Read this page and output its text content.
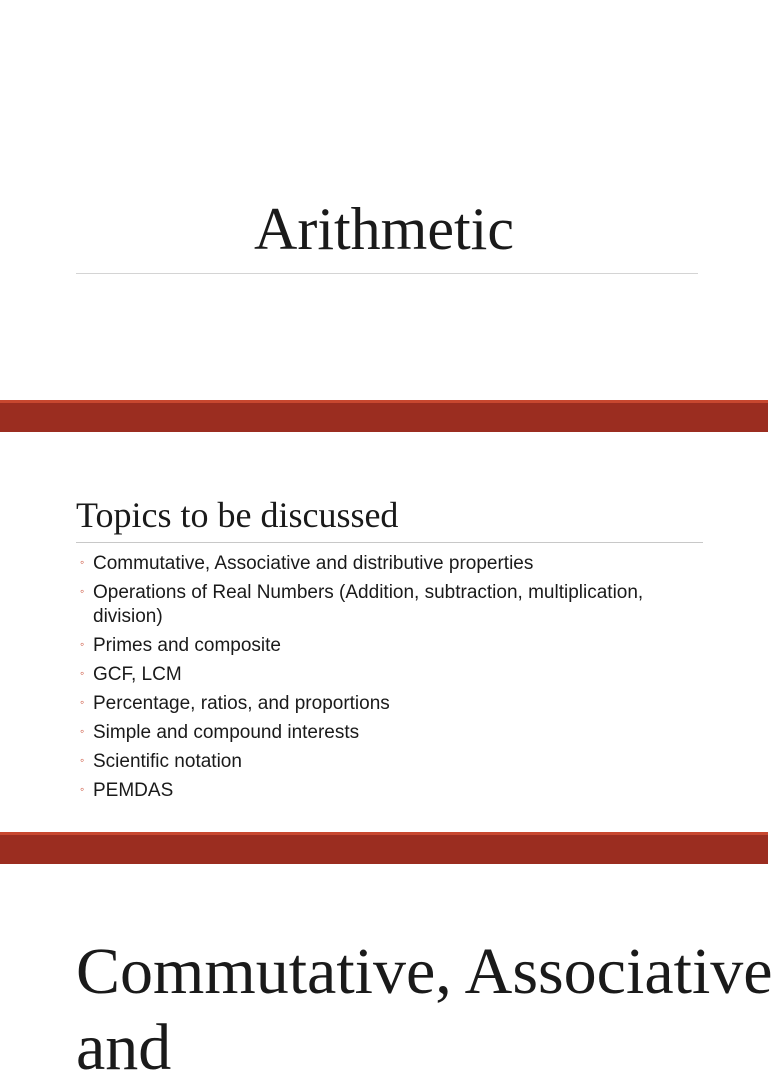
Arithmetic
Topics to be discussed
◦ Commutative, Associative and distributive properties
◦ Operations of Real Numbers (Addition, subtraction, multiplication, division)
◦ Primes and composite
◦ GCF, LCM
◦ Percentage, ratios, and proportions
◦ Simple and compound interests
◦ Scientific notation
◦ PEMDAS
Commutative, Associative and
